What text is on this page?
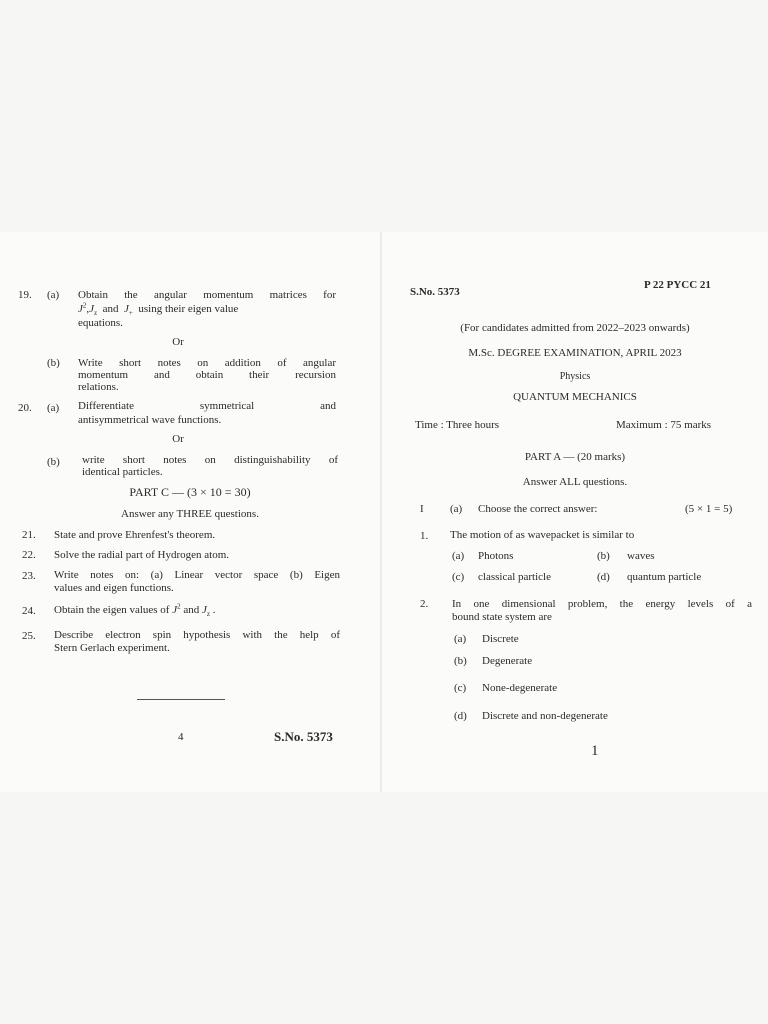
19. (a) Obtain the angular momentum matrices for

$J^2,J_z$ and $J_+$ using their eigen value

equations.

Or

(b) Write short notes on addition of angular

momentum and obtain their recursion

relations.

20. (a) Differentiate symmetrical and

antisymmetrical wave functions.

Or

(b) write short notes on distinguishability of

identical particles.

PART C — (3 × 10 = 30)

Answer any THREE questions.

21. State and prove Ehrenfest's theorem.

22. Solve the radial part of Hydrogen atom.

23. Write notes on: (a) Linear vector space (b) Eigen

values and eigen functions.

24. Obtain the eigen values of $J^2$ and $J_z$ .

25. Describe electron spin hypothesis with the help of

Stern Gerlach experiment.

4	S.No. 5373
S.No. 5373
P 22 PYCC 21

(For candidates admitted from 2022–2023 onwards)

M.Sc. DEGREE EXAMINATION, APRIL 2023

Physics

QUANTUM MECHANICS

Time : Three hours	Maximum : 75 marks

PART A — (20 marks)

Answer ALL questions.

I (a) Choose the correct answer:	(5 × 1 = 5)
1. The motion of as wavepacket is similar to

(a) Photons	(b) waves
(c) classical particle	(d) quantum particle
2. In one dimensional problem, the energy levels of a

bound state system are

(a) Discrete
(b) Degenerate
(c) None-degenerate
(d) Discrete and non-degenerate
1
